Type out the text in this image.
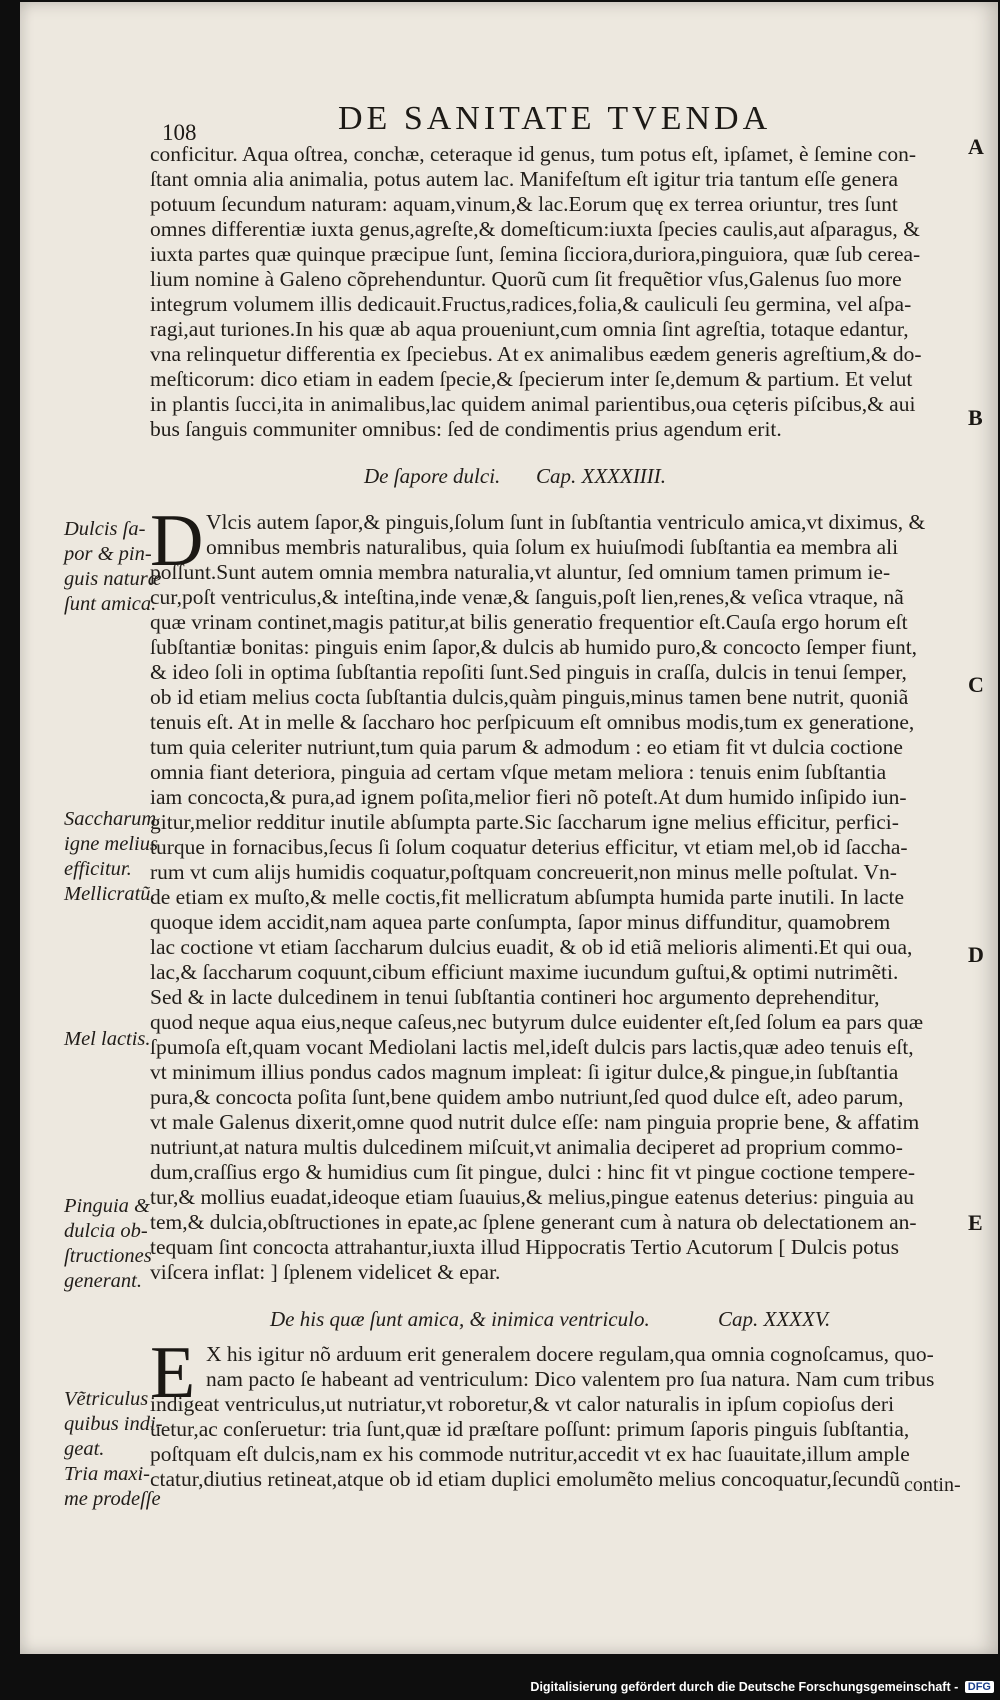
108	DE SANITATE TVENDA
conficitur. Aqua oſtrea, conchæ, ceteraque id genus, tum potus eſt, ipſamet, è ſemine con-
ſtant omnia alia animalia, potus autem lac. Manifeſtum eſt igitur tria tantum eſſe genera
potuum ſecundum naturam: aquam,vinum,& lac.Eorum quę ex terrea oriuntur, tres ſunt
omnes differentiæ iuxta genus,agreſte,& domeſticum:iuxta ſpecies caulis,aut aſparagus, &
iuxta partes quæ quinque præcipue ſunt, ſemina ſicciora,duriora,pinguiora, quæ ſub cerea-
lium nomine à Galeno cõprehenduntur. Quorũ cum ſit frequẽtior vſus,Galenus ſuo more
integrum volumem illis dedicauit.Fructus,radices,folia,& cauliculi ſeu germina, vel aſpa-
ragi,aut turiones.In his quæ ab aqua proueniunt,cum omnia ſint agreſtia, totaque edantur,
vna relinquetur differentia ex ſpeciebus. At ex animalibus eædem generis agreſtium,& do-
meſticorum: dico etiam in eadem ſpecie,& ſpecierum inter ſe,demum & partium. Et velut
in plantis ſucci,ita in animalibus,lac quidem animal parientibus,oua cęteris piſcibus,& aui
bus ſanguis communiter omnibus: ſed de condimentis prius agendum erit.
De ſapore dulci. Cap. XXXXIIII.
D Vlcis autem ſapor,& pinguis,ſolum ſunt in ſubſtantia ventriculo amica,vt diximus, &
omnibus membris naturalibus, quia ſolum ex huiuſmodi ſubſtantia ea membra ali
poſſunt.Sunt autem omnia membra naturalia,vt aluntur, ſed omnium tamen primum ie-
cur,poſt ventriculus,& inteſtina,inde venæ,& ſanguis,poſt lien,renes,& veſica vtraque, nã
quæ vrinam continet,magis patitur,at bilis generatio frequentior eſt.Cauſa ergo horum eſt
ſubſtantiæ bonitas: pinguis enim ſapor,& dulcis ab humido puro,& concocto ſemper fiunt,
& ideo ſoli in optima ſubſtantia repoſiti ſunt.Sed pinguis in craſſa, dulcis in tenui ſemper,
ob id etiam melius cocta ſubſtantia dulcis,quàm pinguis,minus tamen bene nutrit, quoniã
tenuis eſt. At in melle & ſaccharo hoc perſpicuum eſt omnibus modis,tum ex generatione,
tum quia celeriter nutriunt,tum quia parum & admodum : eo etiam fit vt dulcia coctione
omnia fiant deteriora, pinguia ad certam vſque metam meliora : tenuis enim ſubſtantia
iam concocta,& pura,ad ignem poſita,melior fieri nõ poteſt.At dum humido inſipido iun-
gitur,melior redditur inutile abſumpta parte.Sic ſaccharum igne melius efficitur, perfici-
turque in fornacibus,ſecus ſi ſolum coquatur deterius efficitur, vt etiam mel,ob id ſaccha-
rum vt cum alijs humidis coquatur,poſtquam concreuerit,non minus melle poſtulat. Vn-
de etiam ex muſto,& melle coctis,fit mellicratum abſumpta humida parte inutili. In lacte
quoque idem accidit,nam aquea parte conſumpta, ſapor minus diffunditur, quamobrem
lac coctione vt etiam ſaccharum dulcius euadit, & ob id etiã melioris alimenti.Et qui oua,
lac,& ſaccharum coquunt,cibum efficiunt maxime iucundum guſtui,& optimi nutrimẽti.
Sed & in lacte dulcedinem in tenui ſubſtantia contineri hoc argumento deprehenditur,
quod neque aqua eius,neque caſeus,nec butyrum dulce euidenter eſt,ſed ſolum ea pars quæ
ſpumoſa eſt,quam vocant Mediolani lactis mel,ideſt dulcis pars lactis,quæ adeo tenuis eſt,
vt minimum illius pondus cados magnum impleat: ſi igitur dulce,& pingue,in ſubſtantia
pura,& concocta poſita ſunt,bene quidem ambo nutriunt,ſed quod dulce eſt, adeo parum,
vt male Galenus dixerit,omne quod nutrit dulce eſſe: nam pinguia proprie bene, & affatim
nutriunt,at natura multis dulcedinem miſcuit,vt animalia deciperet ad proprium commo-
dum,craſſius ergo & humidius cum ſit pingue, dulci : hinc fit vt pingue coctione tempere-
tur,& mollius euadat,ideoque etiam ſuauius,& melius,pingue eatenus deterius: pinguia au
tem,& dulcia,obſtructiones in epate,ac ſplene generant cum à natura ob delectationem an-
tequam ſint concocta attrahantur,iuxta illud Hippocratis Tertio Acutorum [ Dulcis potus
viſcera inflat: ] ſplenem videlicet & epar.
De his quæ ſunt amica, & inimica ventriculo.	Cap. XXXXV.
E X his igitur nõ arduum erit generalem docere regulam,qua omnia cognoſcamus, quo-
nam pacto ſe habeant ad ventriculum: Dico valentem pro ſua natura. Nam cum tribus
indigeat ventriculus,ut nutriatur,vt roboretur,& vt calor naturalis in ipſum copioſus deri
uetur,ac conſeruetur: tria ſunt,quæ id præſtare poſſunt: primum ſaporis pinguis ſubſtantia,
poſtquam eſt dulcis,nam ex his commode nutritur,accedit vt ex hac ſuauitate,illum ample
ctatur,diutius retineat,atque ob id etiam duplici emolumẽto melius concoquatur,ſecundũ contin-
Dulcis ſa-
por & pin-
guis naturæ
ſunt amica.
Saccharum
igne melius
efficitur.
Mellicratũ.
Mel lactis.
Pinguia &
dulcia ob-
ſtructiones
generant.
Vẽtriculus
quibus indi-
geat.
Tria maxi-
me prodeſſe
A
B
C
D
E
Digitalisierung gefördert durch die Deutsche Forschungsgemeinschaft - DFG
